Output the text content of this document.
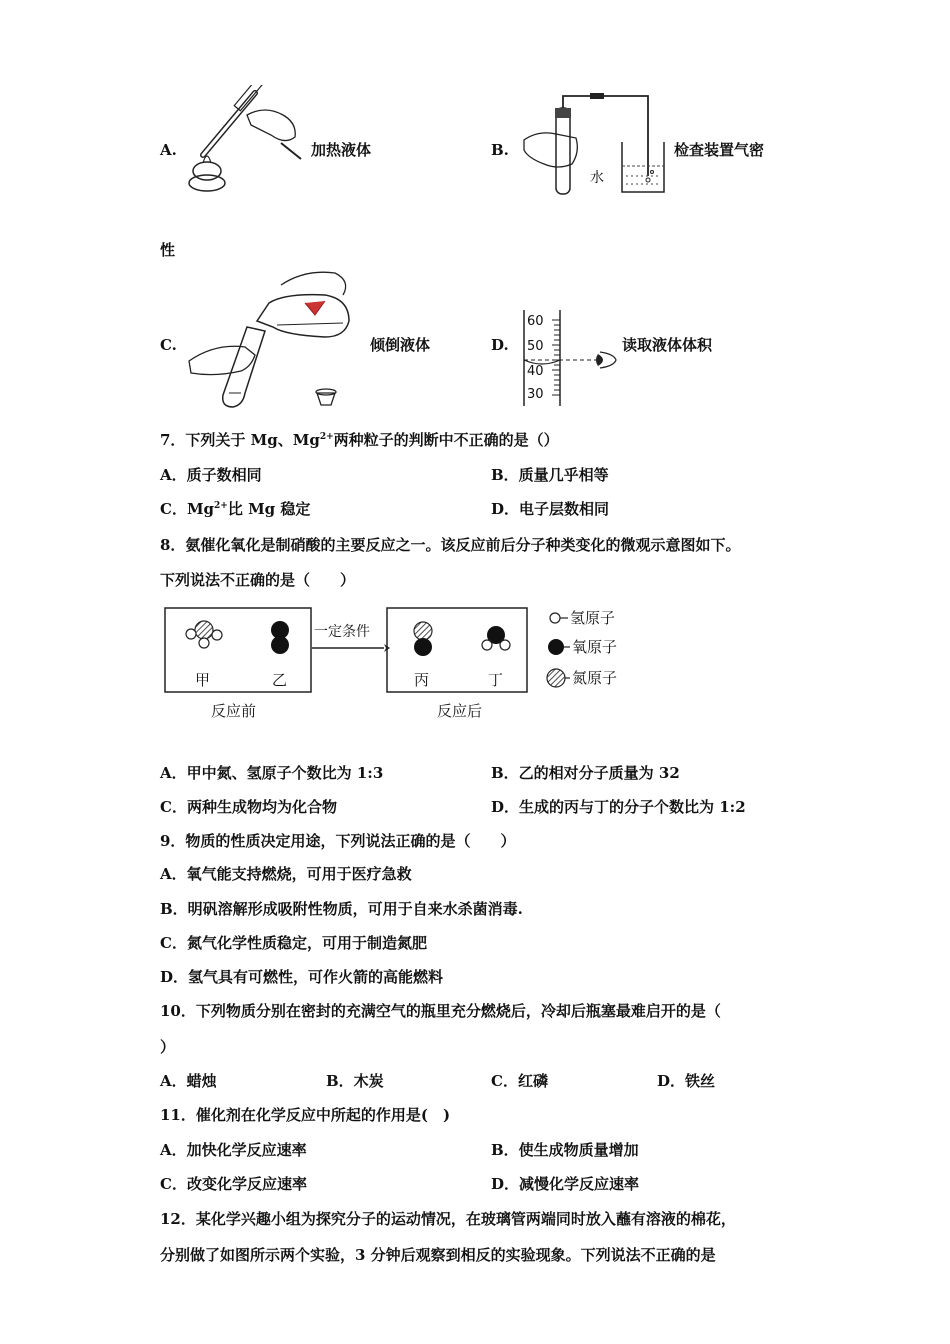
A.	加热液体	B.
水
检查装置气密
性
C.	倾倒液体	D.
60
50
40
30
读取液体体积
7．下列关于 Mg、$Mg^{2+}$两种粒子的判断中不正确的是（）
A．质子数相同	B．质量几乎相等
C．$Mg^{2+}$比 Mg 稳定	D．电子层数相同
8．氨催化氧化是制硝酸的主要反应之一。该反应前后分子种类变化的微观示意图如下。
下列说法不正确的是（　　）
甲	乙	丙	丁
一定条件
反应前	反应后
氢原子
氧原子
氮原子
A．甲中氮、氢原子个数比为 1:3	B．乙的相对分子质量为 32
C．两种生成物均为化合物	D．生成的丙与丁的分子个数比为 1:2
9．物质的性质决定用途，下列说法正确的是（　　）
A．氧气能支持燃烧，可用于医疗急救
B．明矾溶解形成吸附性物质，可用于自来水杀菌消毒.
C．氮气化学性质稳定，可用于制造氮肥
D．氢气具有可燃性，可作火箭的高能燃料
10．下列物质分别在密封的充满空气的瓶里充分燃烧后，冷却后瓶塞最难启开的是（
）
A．蜡烛	B．木炭	C．红磷	D．铁丝
11．催化剂在化学反应中所起的作用是(　)
A．加快化学反应速率	B．使生成物质量增加
C．改变化学反应速率	D．减慢化学反应速率
12．某化学兴趣小组为探究分子的运动情况，在玻璃管两端同时放入蘸有溶液的棉花，
分别做了如图所示两个实验，3 分钟后观察到相反的实验现象。下列说法不正确的是
